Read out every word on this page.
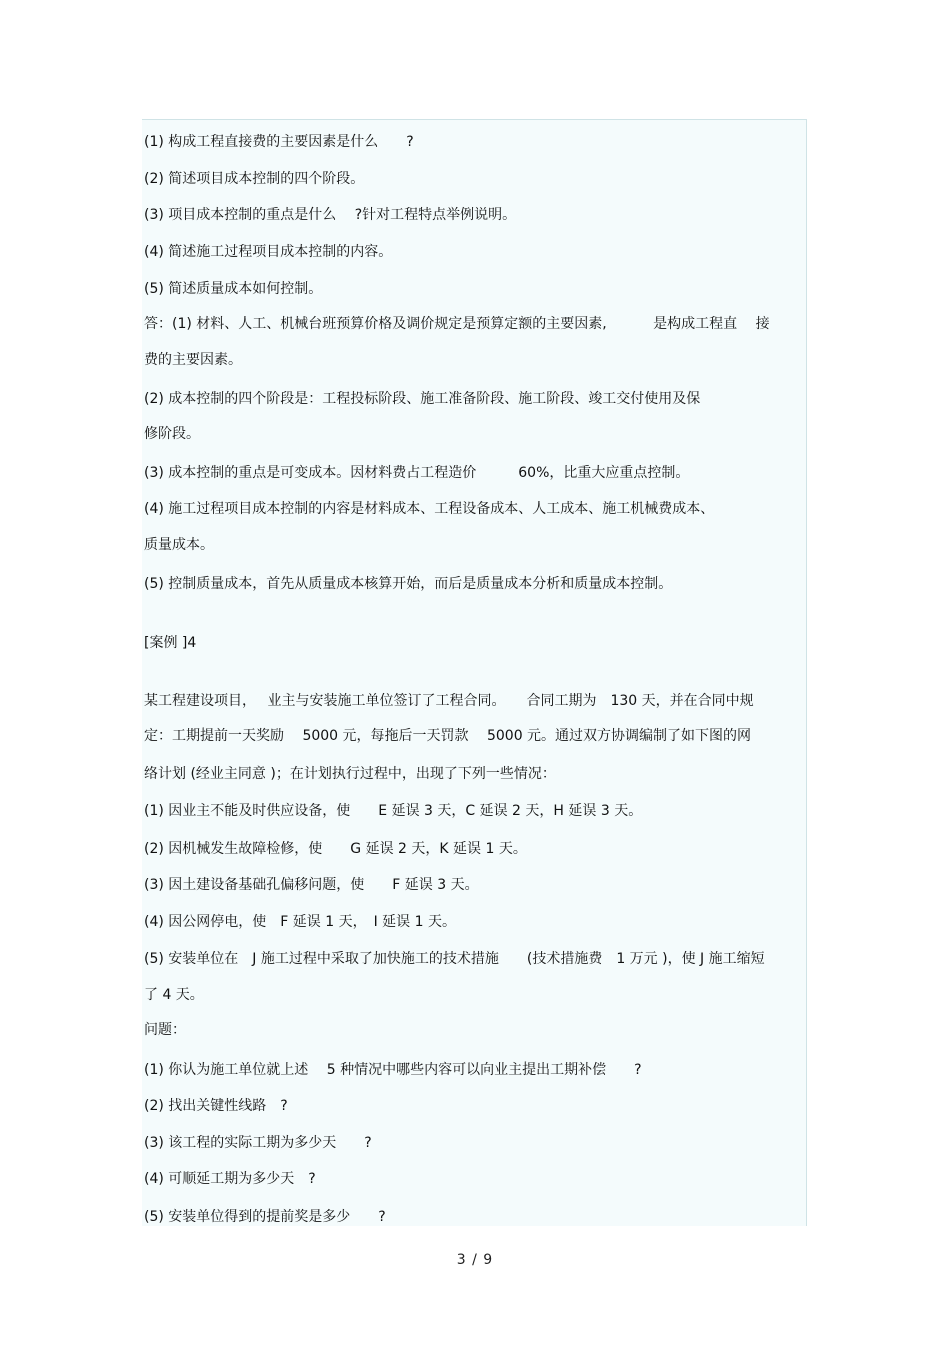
(1) 构成工程直接费的主要因素是什么　　?
(2) 简述项目成本控制的四个阶段。
(3) 项目成本控制的重点是什么　 ?针对工程特点举例说明。
(4) 简述施工过程项目成本控制的内容。
(5) 简述质量成本如何控制。
答：(1) 材料、人工、机械台班预算价格及调价规定是预算定额的主要因素,　　　 是构成工程直　 接
费的主要因素。
(2) 成本控制的四个阶段是：工程投标阶段、施工准备阶段、施工阶段、竣工交付使用及保
修阶段。
(3) 成本控制的重点是可变成本。因材料费占工程造价　　　60%，比重大应重点控制。
(4) 施工过程项目成本控制的内容是材料成本、工程设备成本、人工成本、施工机械费成本、
质量成本。
(5) 控制质量成本，首先从质量成本核算开始，而后是质量成本分析和质量成本控制。
[案例 ]4
某工程建设项目，　 业主与安装施工单位签订了工程合同。　　合同工期为　130 天，并在合同中规
定：工期提前一天奖励　 5000 元，每拖后一天罚款　 5000 元。通过双方协调编制了如下图的网
络计划 (经业主同意 )；在计划执行过程中，出现了下列一些情况：
(1) 因业主不能及时供应设备，使　　E 延误 3 天，C 延误 2 天，H 延误 3 天。
(2) 因机械发生故障检修，使　　G 延误 2 天，K 延误 1 天。
(3) 因土建设备基础孔偏移问题，使　　F 延误 3 天。
(4) 因公网停电，使　F 延误 1 天，　I 延误 1 天。
(5) 安装单位在　J 施工过程中采取了加快施工的技术措施　　(技术措施费　1 万元 )，使 J 施工缩短
了 4 天。
问题：
(1) 你认为施工单位就上述　 5 种情况中哪些内容可以向业主提出工期补偿　　?
(2) 找出关键性线路　?
(3) 该工程的实际工期为多少天　　?
(4) 可顺延工期为多少天　?
(5) 安装单位得到的提前奖是多少　　?
3 / 9
